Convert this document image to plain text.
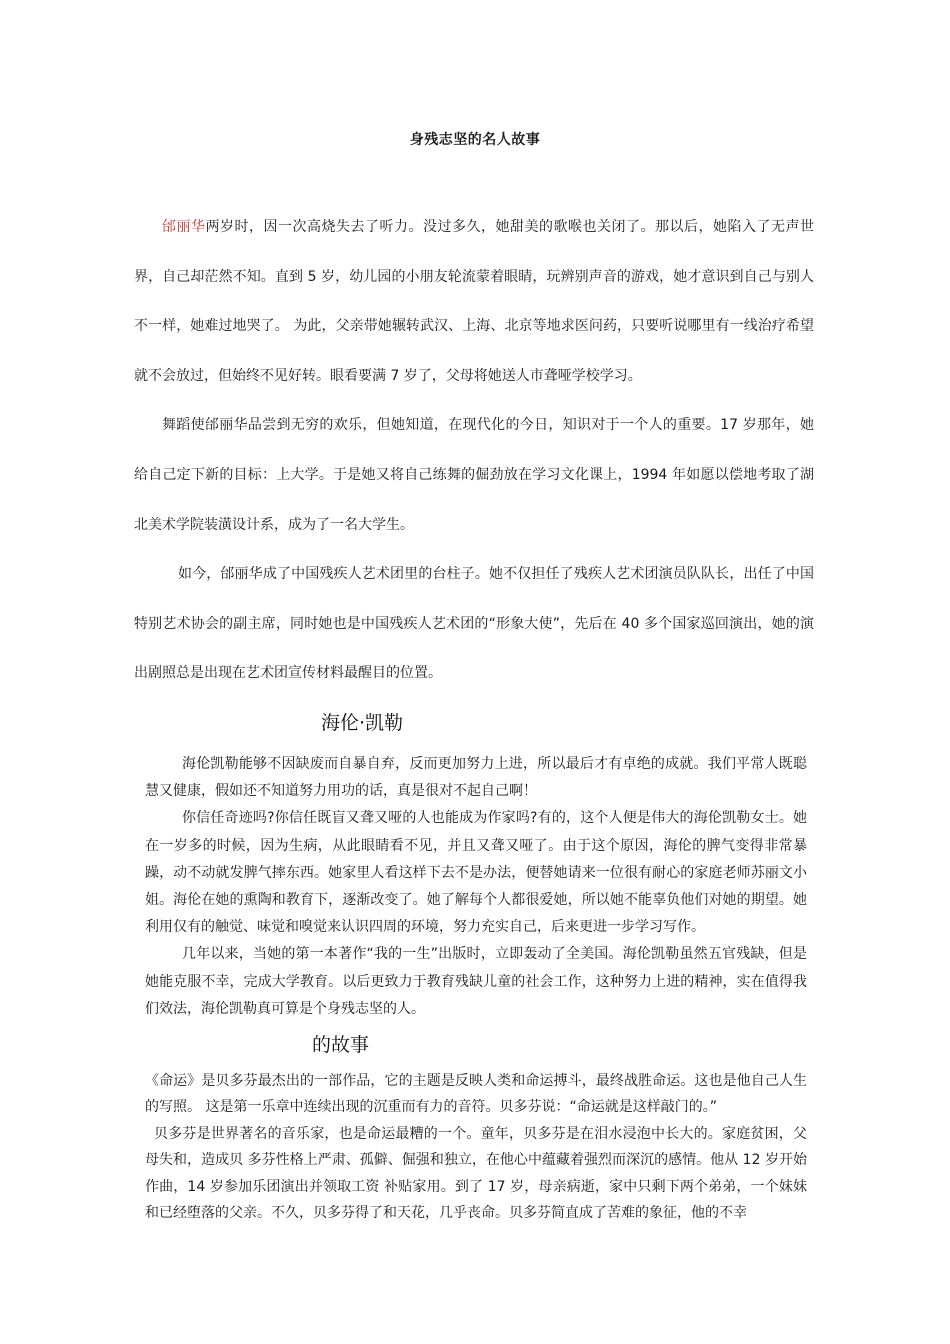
身残志坚的名人故事

邰丽华两岁时，因一次高烧失去了听力。没过多久，她甜美的歌喉也关闭了。那以后，她陷入了无声世界，自己却茫然不知。直到 5 岁，幼儿园的小朋友轮流蒙着眼睛，玩辨别声音的游戏，她才意识到自己与别人不一样，她难过地哭了。 为此，父亲带她辗转武汉、上海、北京等地求医问药，只要听说哪里有一线治疗希望就不会放过，但始终不见好转。眼看要满 7 岁了，父母将她送人市聋哑学校学习。

舞蹈使邰丽华品尝到无穷的欢乐，但她知道，在现代化的今日，知识对于一个人的重要。17 岁那年，她给自己定下新的目标：上大学。于是她又将自己练舞的倔劲放在学习文化课上，1994 年如愿以偿地考取了湖北美术学院装潢设计系，成为了一名大学生。

如今，邰丽华成了中国残疾人艺术团里的台柱子。她不仅担任了残疾人艺术团演员队队长，出任了中国特别艺术协会的副主席，同时她也是中国残疾人艺术团的“形象大使”，先后在 40 多个国家巡回演出，她的演出剧照总是出现在艺术团宣传材料最醒目的位置。

海伦·凯勒

海伦凯勒能够不因缺废而自暴自弃，反而更加努力上进，所以最后才有卓绝的成就。我们平常人既聪慧又健康，假如还不知道努力用功的话，真是很对不起自己啊！

你信任奇迹吗?你信任既盲又聋又哑的人也能成为作家吗?有的，这个人便是伟大的海伦凯勒女士。她在一岁多的时候，因为生病，从此眼睛看不见，并且又聋又哑了。由于这个原因，海伦的脾气变得非常暴躁，动不动就发脾气摔东西。她家里人看这样下去不是办法，便替她请来一位很有耐心的家庭老师苏丽文小姐。海伦在她的熏陶和教育下，逐渐改变了。她了解每个人都很爱她，所以她不能辜负他们对她的期望。她利用仅有的触觉、味觉和嗅觉来认识四周的环境，努力充实自己，后来更进一步学习写作。

几年以来，当她的第一本著作“我的一生”出版时，立即轰动了全美国。海伦凯勒虽然五官残缺，但是她能克服不幸，完成大学教育。以后更致力于教育残缺儿童的社会工作，这种努力上进的精神，实在值得我们效法，海伦凯勒真可算是个身残志坚的人。

的故事

《命运》是贝多芬最杰出的一部作品，它的主题是反映人类和命运搏斗，最终战胜命运。这也是他自己人生的写照。 这是第一乐章中连续出现的沉重而有力的音符。贝多芬说：“命运就是这样敲门的。”

贝多芬是世界著名的音乐家，也是命运最糟的一个。童年，贝多芬是在泪水浸泡中长大的。家庭贫困，父母失和，造成贝 多芬性格上严肃、孤僻、倔强和独立，在他心中蕴藏着强烈而深沉的感情。他从 12 岁开始作曲，14 岁参加乐团演出并领取工资 补贴家用。到了 17 岁，母亲病逝，家中只剩下两个弟弟，一个妹妹和已经堕落的父亲。不久，贝多芬得了和天花，几乎丧命。贝多芬简直成了苦难的象征，他的不幸
